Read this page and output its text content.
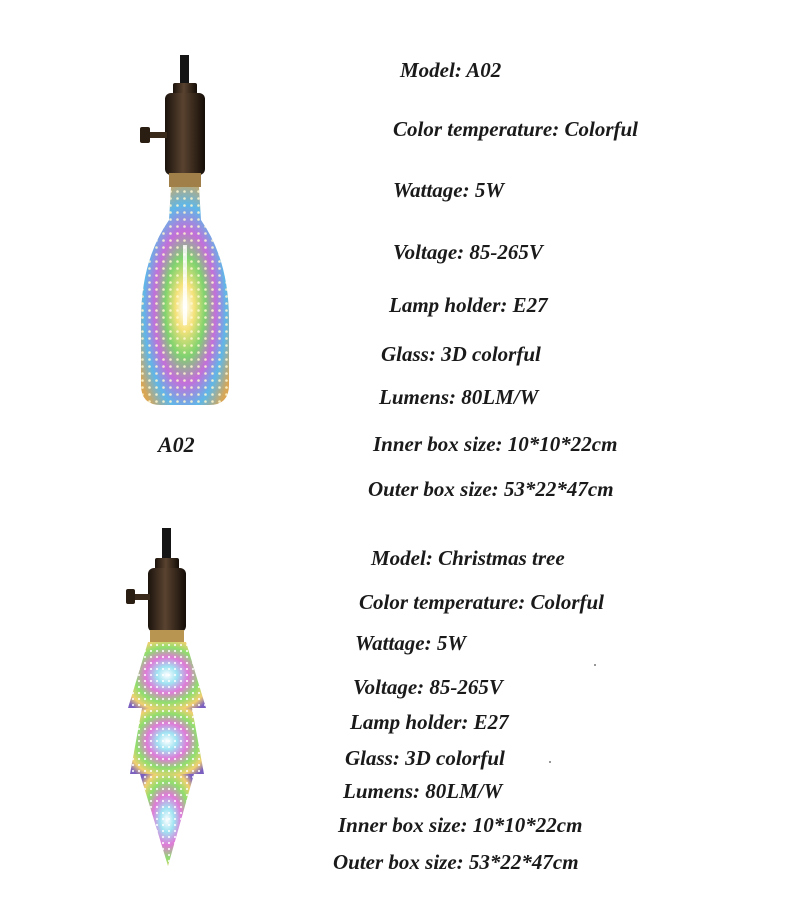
A02
Model: A02
Color temperature: Colorful
Wattage: 5W
Voltage: 85-265V
Lamp holder: E27
Glass: 3D colorful
Lumens: 80LM/W
Inner box size: 10*10*22cm
Outer box size: 53*22*47cm
Model: Christmas tree
Color temperature: Colorful
Wattage: 5W
Voltage: 85-265V
Lamp holder: E27
Glass: 3D colorful
Lumens: 80LM/W
Inner box size: 10*10*22cm
Outer box size: 53*22*47cm
